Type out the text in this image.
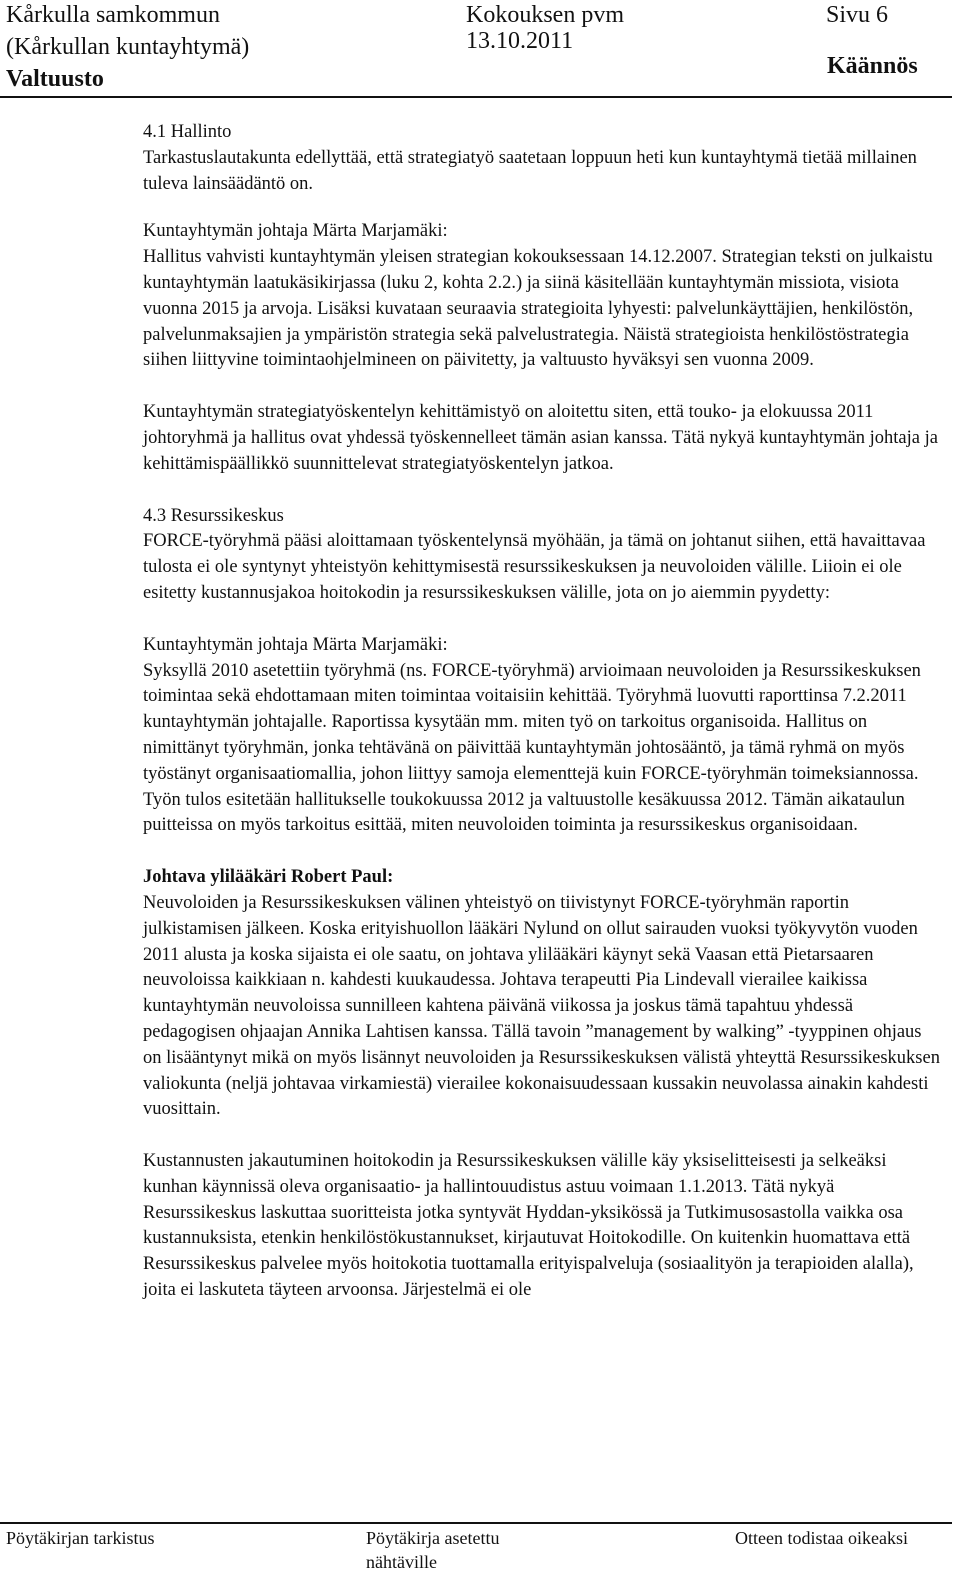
Kårkulla samkommun
(Kårkullan kuntayhtymä)
Valtuusto
Kokouksen pvm
13.10.2011
Sivu 6
Käännös

4.1 Hallinto

Tarkastuslautakunta edellyttää, että strategiatyö saatetaan loppuun heti kun kuntayhtymä tietää millainen tuleva lainsäädäntö on.

Kuntayhtymän johtaja Märta Marjamäki:

Hallitus vahvisti kuntayhtymän yleisen strategian kokouksessaan 14.12.2007. Strategian teksti on julkaistu kuntayhtymän laatukäsikirjassa (luku 2, kohta 2.2.) ja siinä käsitellään kuntayhtymän missiota, visiota vuonna 2015 ja arvoja. Lisäksi kuvataan seuraavia strategioita lyhyesti: palvelunkäyttäjien, henkilöstön, palvelunmaksajien ja ympäristön strategia sekä palvelustrategia. Näistä strategioista henkilöstöstrategia siihen liittyvine toimintaohjelmineen on päivitetty, ja valtuusto hyväksyi sen vuonna 2009.

Kuntayhtymän strategiatyöskentelyn kehittämistyö on aloitettu siten, että touko- ja elokuussa 2011 johtoryhmä ja hallitus ovat yhdessä työskennelleet tämän asian kanssa. Tätä nykyä kuntayhtymän johtaja ja kehittämispäällikkö suunnittelevat strategiatyöskentelyn jatkoa.

4.3 Resurssikeskus

FORCE-työryhmä pääsi aloittamaan työskentelynsä myöhään, ja tämä on johtanut siihen, että havaittavaa tulosta ei ole syntynyt yhteistyön kehittymisestä resurssikeskuksen ja neuvoloiden välille. Liioin ei ole esitetty kustannusjakoa hoitokodin ja resurssikeskuksen välille, jota on jo aiemmin pyydetty:

Kuntayhtymän johtaja Märta Marjamäki:

Syksyllä 2010 asetettiin työryhmä (ns. FORCE-työryhmä) arvioimaan neuvoloiden ja Resurssikeskuksen toimintaa sekä ehdottamaan miten toimintaa voitaisiin kehittää. Työryhmä luovutti raporttinsa 7.2.2011 kuntayhtymän johtajalle. Raportissa kysytään mm. miten työ on tarkoitus organisoida. Hallitus on nimittänyt työryhmän, jonka tehtävänä on päivittää kuntayhtymän johtosääntö, ja tämä ryhmä on myös työstänyt organisaatiomallia, johon liittyy samoja elementtejä kuin FORCE-työryhmän toimeksiannossa. Työn tulos esitetään hallitukselle toukokuussa 2012 ja valtuustolle kesäkuussa 2012. Tämän aikataulun puitteissa on myös tarkoitus esittää, miten neuvoloiden toiminta ja resurssikeskus organisoidaan.

Johtava ylilääkäri Robert Paul:

Neuvoloiden ja Resurssikeskuksen välinen yhteistyö on tiivistynyt FORCE-työryhmän raportin julkistamisen jälkeen. Koska erityishuollon lääkäri Nylund on ollut sairauden vuoksi työkyvytön vuoden 2011 alusta ja koska sijaista ei ole saatu, on johtava ylilääkäri käynyt sekä Vaasan että Pietarsaaren neuvoloissa kaikkiaan n. kahdesti kuukaudessa. Johtava terapeutti Pia Lindevall vierailee kaikissa kuntayhtymän neuvoloissa sunnilleen kahtena päivänä viikossa ja joskus tämä tapahtuu yhdessä pedagogisen ohjaajan Annika Lahtisen kanssa. Tällä tavoin ”management by walking” -tyyppinen ohjaus on lisääntynyt mikä on myös lisännyt neuvoloiden ja Resurssikeskuksen välistä yhteyttä Resurssikeskuksen valiokunta (neljä johtavaa virkamiestä) vierailee kokonaisuudessaan kussakin neuvolassa ainakin kahdesti vuosittain.

Kustannusten jakautuminen hoitokodin ja Resurssikeskuksen välille käy yksiselitteisesti ja selkeäksi kunhan käynnissä oleva organisaatio- ja hallintouudistus astuu voimaan 1.1.2013. Tätä nykyä Resurssikeskus laskuttaa suoritteista jotka syntyvät Hyddan-yksikössä ja Tutkimusosastolla vaikka osa kustannuksista, etenkin henkilöstökustannukset, kirjautuvat Hoitokodille. On kuitenkin huomattava että Resurssikeskus palvelee myös hoitokotia tuottamalla erityispalveluja (sosiaalityön ja terapioiden alalla), joita ei laskuteta täyteen arvoonsa. Järjestelmä ei ole

Pöytäkirjan tarkistus	Pöytäkirja asetettu
nähtäville
Otteen todistaa oikeaksi
